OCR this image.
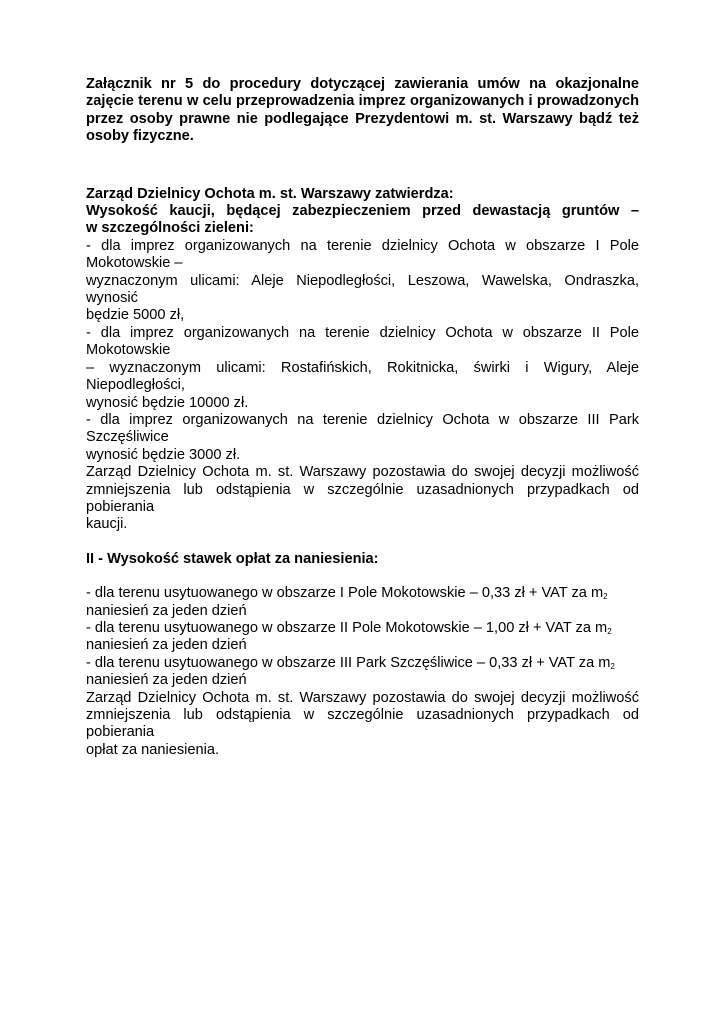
Załącznik nr 5 do procedury dotyczącej zawierania umów na okazjonalne zajęcie terenu w celu przeprowadzenia imprez organizowanych i prowadzonych przez osoby prawne nie podlegające Prezydentowi m. st. Warszawy bądź też osoby fizyczne.

Zarząd Dzielnicy Ochota m. st. Warszawy zatwierdza:

Wysokość kaucji, będącej zabezpieczeniem przed dewastacją gruntów –

w szczególności zieleni:

- dla imprez organizowanych na terenie dzielnicy Ochota w obszarze I Pole

Mokotowskie –

wyznaczonym ulicami: Aleje Niepodległości, Leszowa, Wawelska, Ondraszka,

wynosić

będzie 5000 zł,

- dla imprez organizowanych na terenie dzielnicy Ochota w obszarze II Pole

Mokotowskie

– wyznaczonym ulicami: Rostafińskich, Rokitnicka, świrki i Wigury, Aleje

Niepodległości,

wynosić będzie 10000 zł.

- dla imprez organizowanych na terenie dzielnicy Ochota w obszarze III Park

Szczęśliwice

wynosić będzie 3000 zł.

Zarząd Dzielnicy Ochota m. st. Warszawy pozostawia do swojej decyzji możliwość
zmniejszenia lub odstąpienia w szczególnie uzasadnionych przypadkach od

pobierania

kaucji.

II - Wysokość stawek opłat za naniesienia:

- dla terenu usytuowanego w obszarze I Pole Mokotowskie – 0,33 zł + VAT za $m_2$

naniesień za jeden dzień

- dla terenu usytuowanego w obszarze II Pole Mokotowskie – 1,00 zł + VAT za $m_2$

naniesień za jeden dzień

- dla terenu usytuowanego w obszarze III Park Szczęśliwice – 0,33 zł + VAT za $m_2$

naniesień za jeden dzień

Zarząd Dzielnicy Ochota m. st. Warszawy pozostawia do swojej decyzji możliwość
zmniejszenia lub odstąpienia w szczególnie uzasadnionych przypadkach od

pobierania

opłat za naniesienia.
